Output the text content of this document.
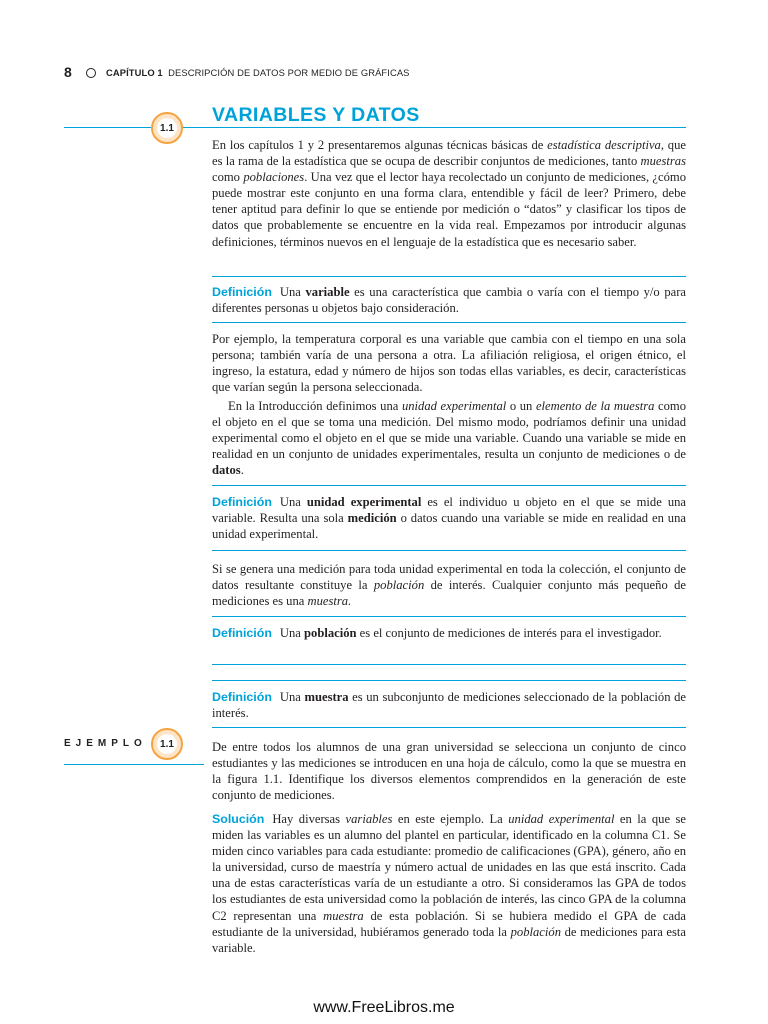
8	CAPÍTULO 1 DESCRIPCIÓN DE DATOS POR MEDIO DE GRÁFICAS
1.1
VARIABLES Y DATOS

En los capítulos 1 y 2 presentaremos algunas técnicas básicas de estadística descriptiva, que es la rama de la estadística que se ocupa de describir conjuntos de mediciones, tanto muestras como poblaciones. Una vez que el lector haya recolectado un conjunto de mediciones, ¿cómo puede mostrar este conjunto en una forma clara, entendible y fácil de leer? Primero, debe tener aptitud para definir lo que se entiende por medición o “datos” y clasificar los tipos de datos que probablemente se encuentre en la vida real. Empezamos por introducir algunas definiciones, términos nuevos en el lenguaje de la estadística que es necesario saber.

Definición Una variable es una característica que cambia o varía con el tiempo y/o para diferentes personas u objetos bajo consideración.

Por ejemplo, la temperatura corporal es una variable que cambia con el tiempo en una sola persona; también varía de una persona a otra. La afiliación religiosa, el origen étnico, el ingreso, la estatura, edad y número de hijos son todas ellas variables, es decir, características que varían según la persona seleccionada.

En la Introducción definimos una unidad experimental o un elemento de la muestra como el objeto en el que se toma una medición. Del mismo modo, podríamos definir una unidad experimental como el objeto en el que se mide una variable. Cuando una variable se mide en realidad en un conjunto de unidades experimentales, resulta un conjunto de mediciones o de datos.

Definición Una unidad experimental es el individuo u objeto en el que se mide una variable. Resulta una sola medición o datos cuando una variable se mide en realidad en una unidad experimental.

Si se genera una medición para toda unidad experimental en toda la colección, el conjunto de datos resultante constituye la población de interés. Cualquier conjunto más pequeño de mediciones es una muestra.

Definición Una población es el conjunto de mediciones de interés para el investigador.

Definición Una muestra es un subconjunto de mediciones seleccionado de la población de interés.

EJEMPLO 1.1	De entre todos los alumnos de una gran universidad se selecciona un conjunto de cinco estudiantes y las mediciones se introducen en una hoja de cálculo, como la que se muestra en la figura 1.1. Identifique los diversos elementos comprendidos en la generación de este conjunto de mediciones.

Solución Hay diversas variables en este ejemplo. La unidad experimental en la que se miden las variables es un alumno del plantel en particular, identificado en la columna C1. Se miden cinco variables para cada estudiante: promedio de calificaciones (GPA), género, año en la universidad, curso de maestría y número actual de unidades en las que está inscrito. Cada una de estas características varía de un estudiante a otro. Si consideramos las GPA de todos los estudiantes de esta universidad como la población de interés, las cinco GPA de la columna C2 representan una muestra de esta población. Si se hubiera medido el GPA de cada estudiante de la universidad, hubiéramos generado toda la población de mediciones para esta variable.

www.FreeLibros.me
